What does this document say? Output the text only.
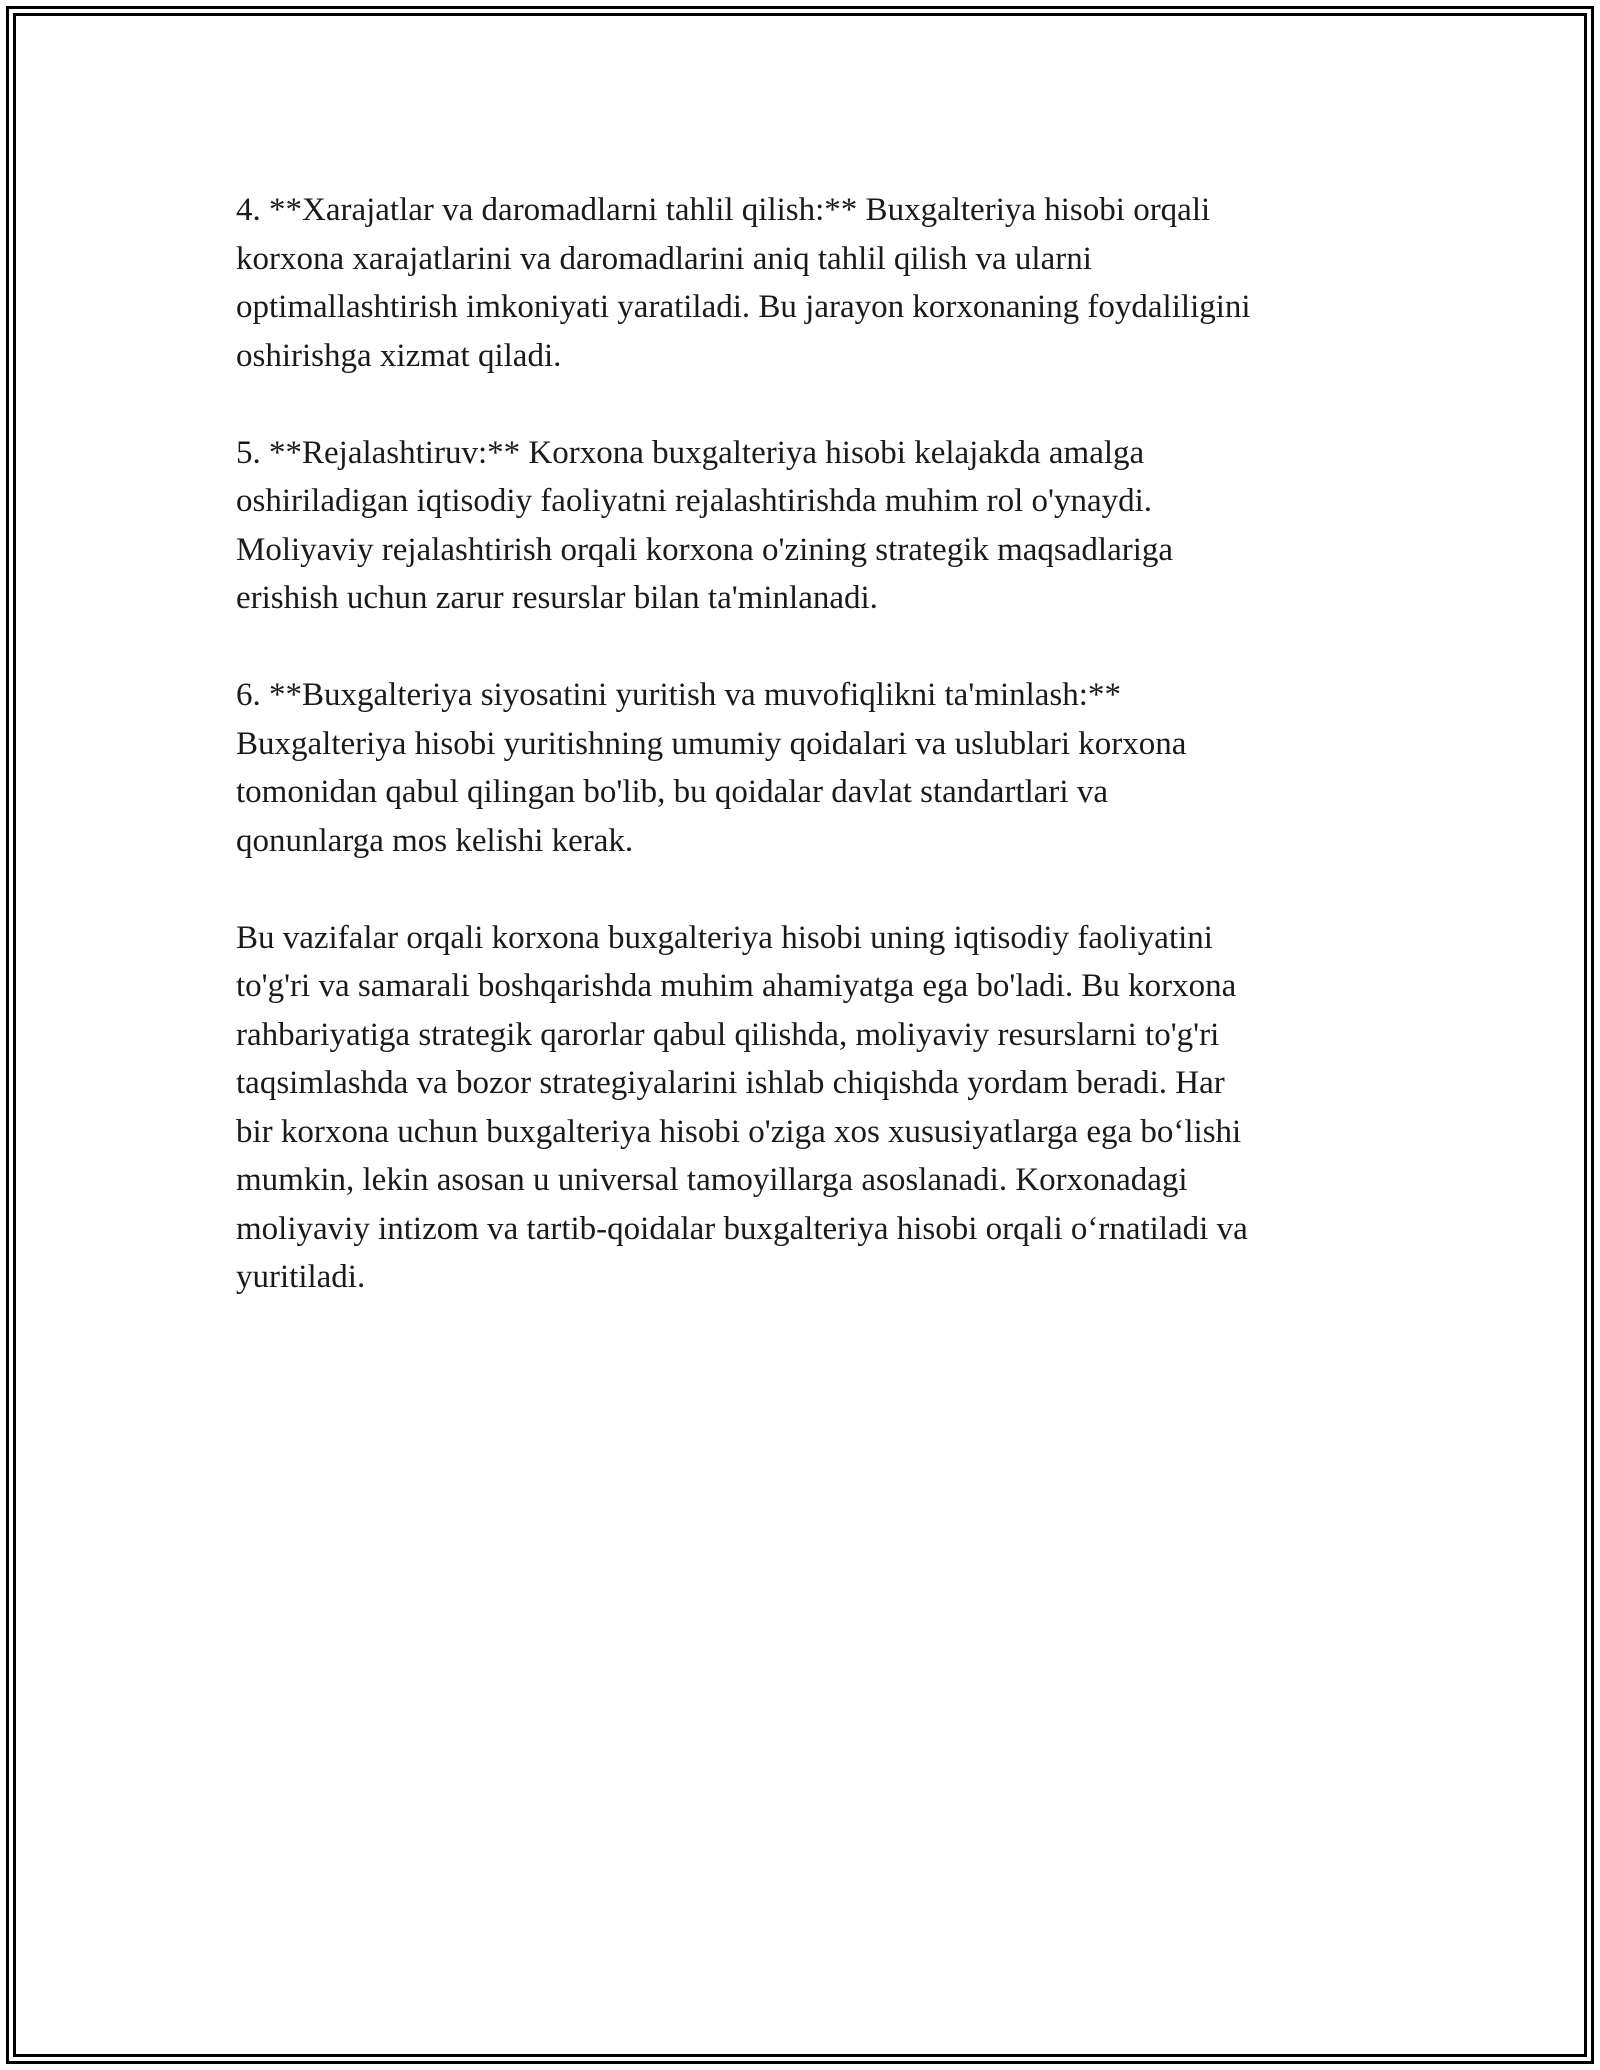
4. **Xarajatlar va daromadlarni tahlil qilish:** Buxgalteriya hisobi orqali
korxona xarajatlarini va daromadlarini aniq tahlil qilish va ularni
optimallashtirish imkoniyati yaratiladi. Bu jarayon korxonaning foydaliligini
oshirishga xizmat qiladi.

5. **Rejalashtiruv:** Korxona buxgalteriya hisobi kelajakda amalga
oshiriladigan iqtisodiy faoliyatni rejalashtirishda muhim rol o'ynaydi.
Moliyaviy rejalashtirish orqali korxona o'zining strategik maqsadlariga
erishish uchun zarur resurslar bilan ta'minlanadi.

6. **Buxgalteriya siyosatini yuritish va muvofiqlikni ta'minlash:**
Buxgalteriya hisobi yuritishning umumiy qoidalari va uslublari korxona
tomonidan qabul qilingan bo'lib, bu qoidalar davlat standartlari va
qonunlarga mos kelishi kerak.

Bu vazifalar orqali korxona buxgalteriya hisobi uning iqtisodiy faoliyatini
to'g'ri va samarali boshqarishda muhim ahamiyatga ega bo'ladi. Bu korxona
rahbariyatiga strategik qarorlar qabul qilishda, moliyaviy resurslarni to'g'ri
taqsimlashda va bozor strategiyalarini ishlab chiqishda yordam beradi. Har
bir korxona uchun buxgalteriya hisobi o'ziga xos xususiyatlarga ega bo‘lishi
mumkin, lekin asosan u universal tamoyillarga asoslanadi. Korxonadagi
moliyaviy intizom va tartib-qoidalar buxgalteriya hisobi orqali o‘rnatiladi va
yuritiladi.
